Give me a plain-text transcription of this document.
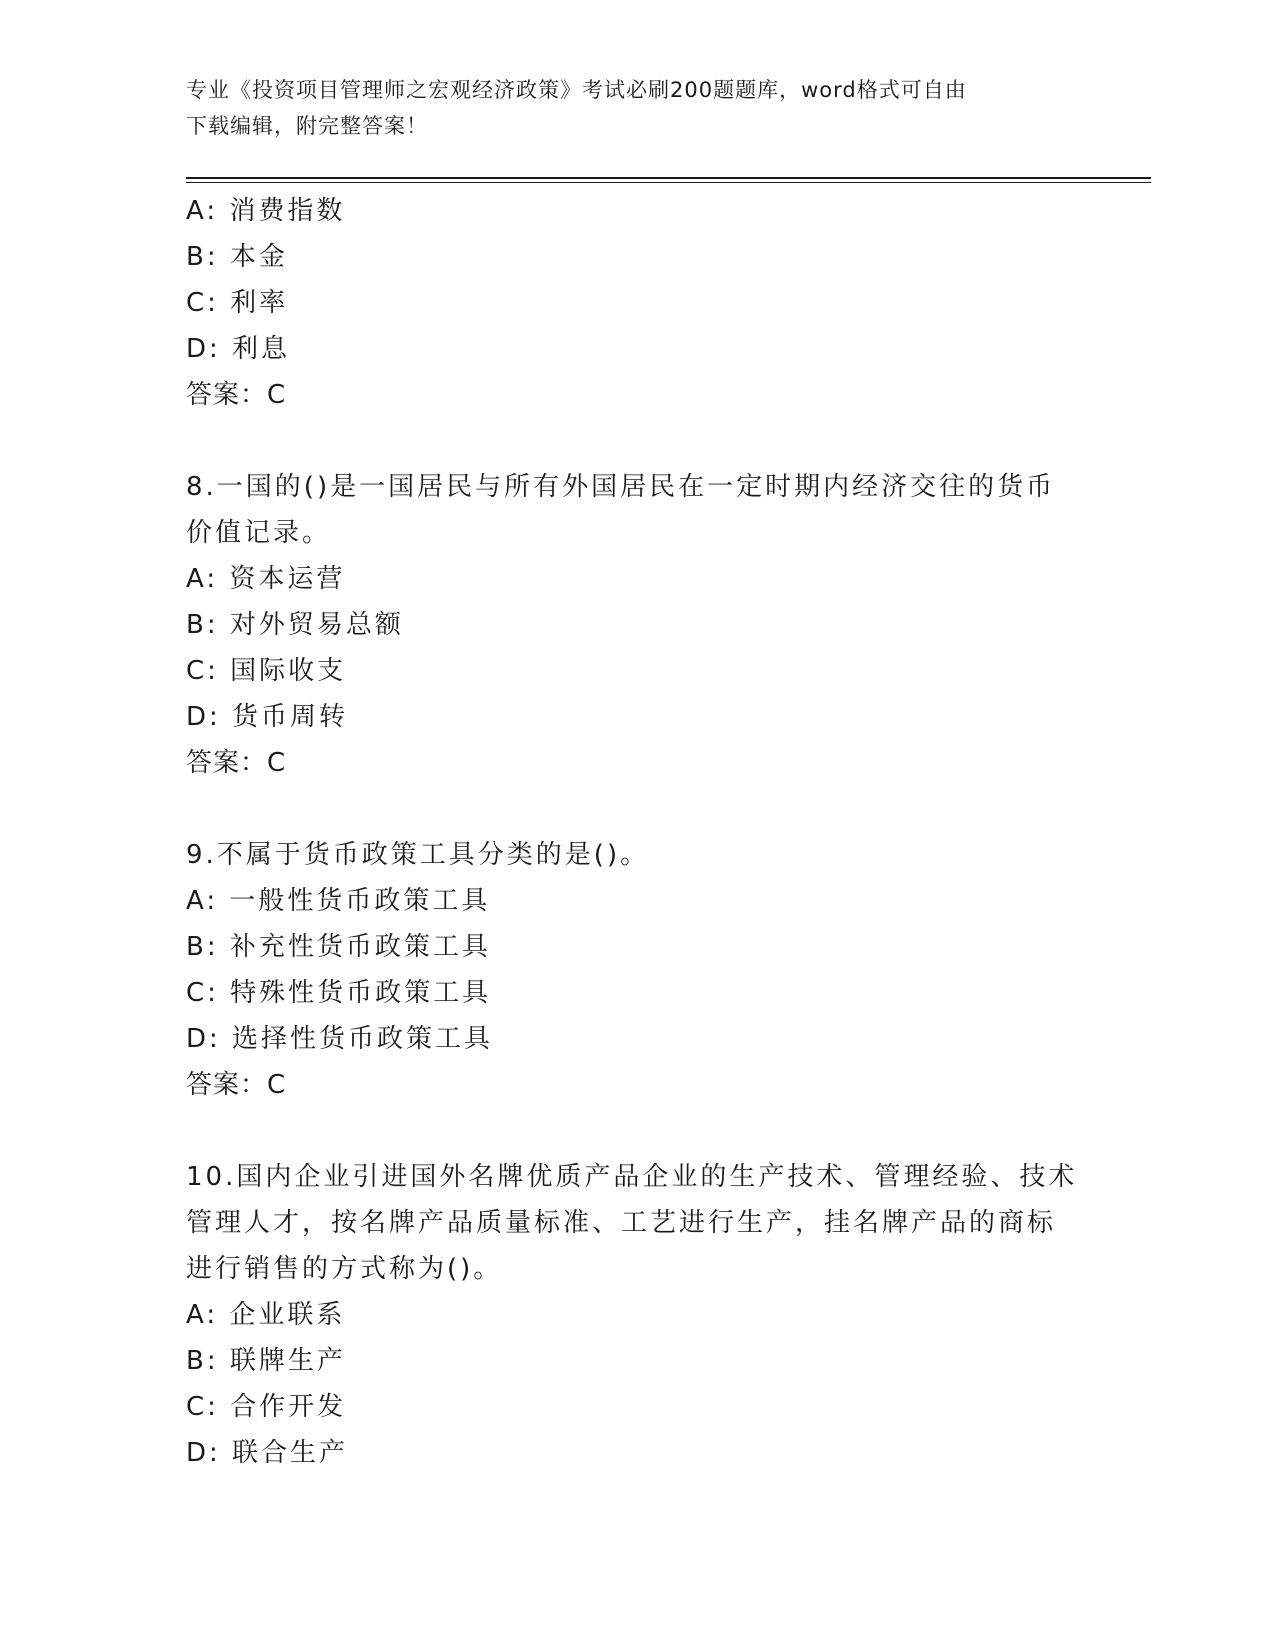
专业《投资项目管理师之宏观经济政策》考试必刷200题题库，word格式可自由
下载编辑，附完整答案！
A: 消费指数
B: 本金
C: 利率
D: 利息
答案：C
8.一国的()是一国居民与所有外国居民在一定时期内经济交往的货币
价值记录。
A: 资本运营
B: 对外贸易总额
C: 国际收支
D: 货币周转
答案：C
9.不属于货币政策工具分类的是()。
A: 一般性货币政策工具
B: 补充性货币政策工具
C: 特殊性货币政策工具
D: 选择性货币政策工具
答案：C
10.国内企业引进国外名牌优质产品企业的生产技术、管理经验、技术
管理人才，按名牌产品质量标准、工艺进行生产，挂名牌产品的商标
进行销售的方式称为()。
A: 企业联系
B: 联牌生产
C: 合作开发
D: 联合生产
